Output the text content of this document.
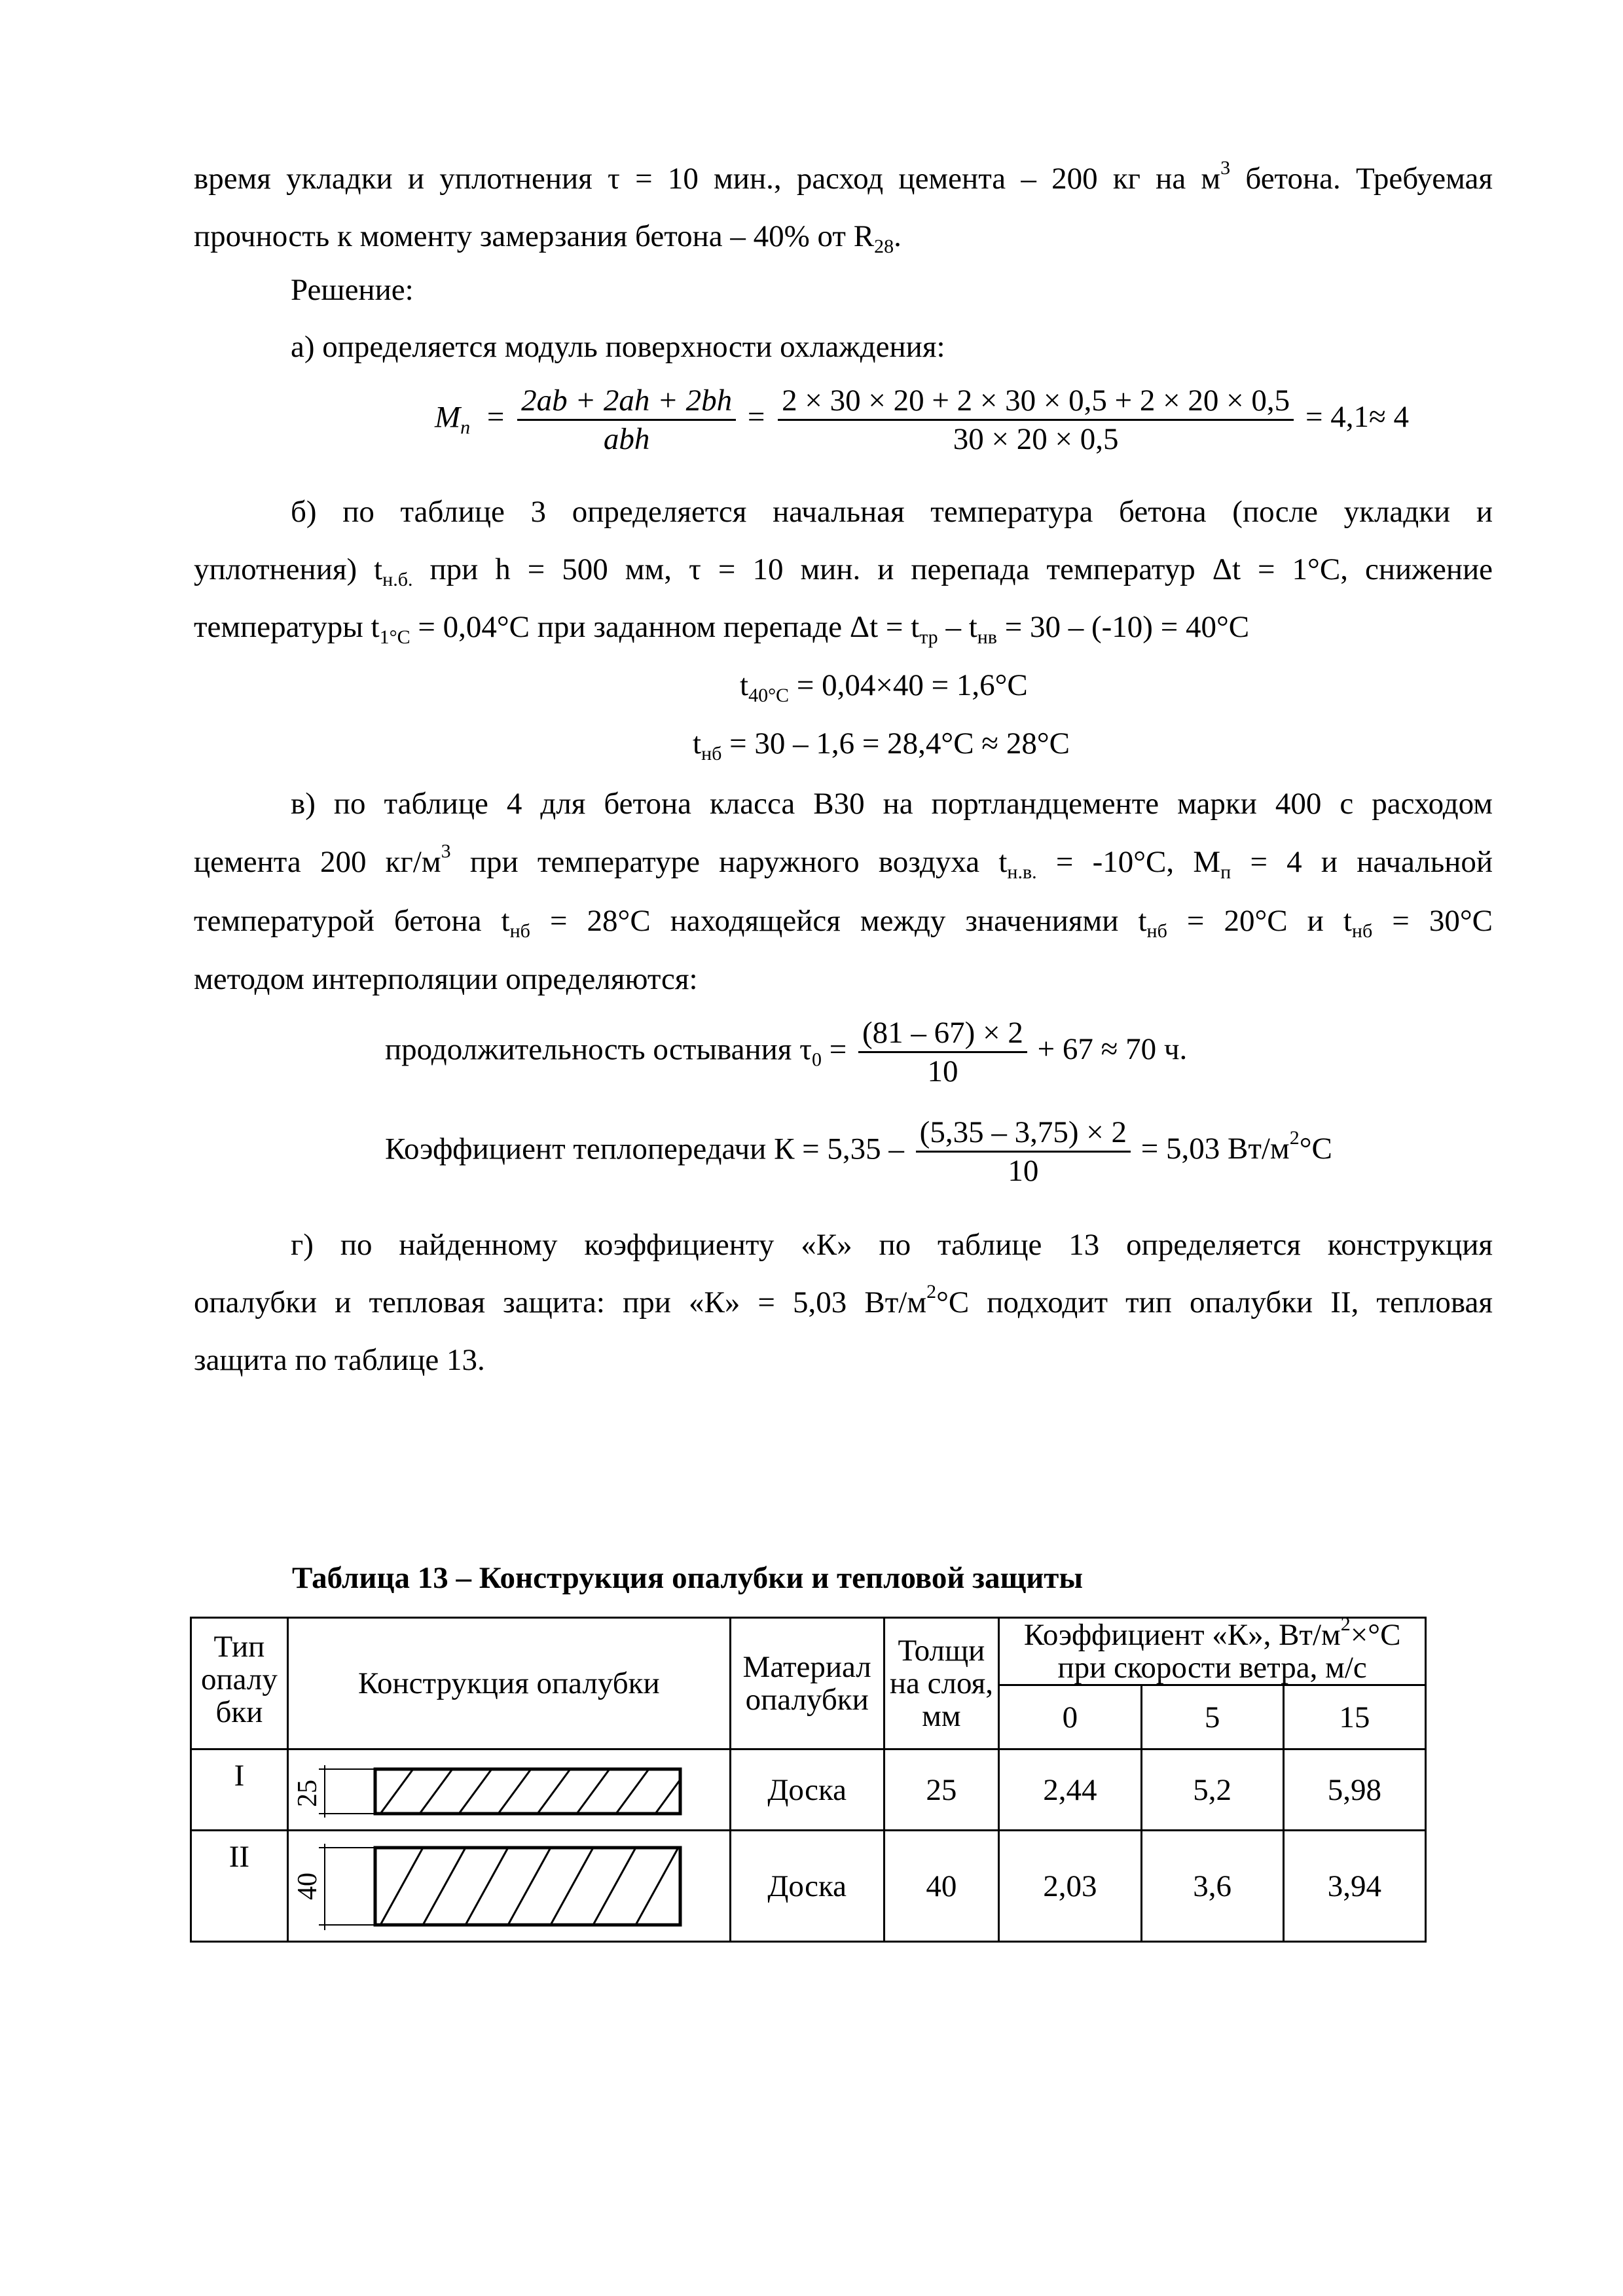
время укладки и уплотнения τ = 10 мин., расход цемента – 200 кг на $м^3$ бетона. Требуемая
прочность к моменту замерзания бетона – 40% от $R_{28}$.
Решение:
а) определяется модуль поверхности охлаждения:
$M_п = \frac{2ab + 2ah + 2bh}{\text{abh}} = \frac{2 \times 30 \times 20 + 2 \times 30 \times 0,5 + 2 \times 20 \times 0,5}{30 \times 20 \times 0,5} = 4,1\approx 4$
б) по таблице 3 определяется начальная температура бетона (после укладки и
уплотнения) $t_{н.б.}$ при h = 500 мм, τ = 10 мин. и перепада температур Δt = 1°С, снижение
температуры $t_{1^\circ С} = 0,04^\circ С$ при заданном перепаде $\Delta t = t_{тр} - t_{нв} = 30 - (-10) = 40^\circ С$
$t_{40^\circ С} = 0,04\times 40 = 1,6^\circ С$
$t_{нб} = 30 - 1,6 = 28,4^\circ С \approx 28^\circ С$
в) по таблице 4 для бетона класса В30 на портландцементе марки 400 с расходом
цемента 200 $кг/м^3$ при температуре наружного воздуха $t_{н.в.} = -10^\circ С$, $М_п = 4$ и начальной
температурой бетона $t_{нб} = 28^\circ С$ находящейся между значениями $t_{нб} = 20^\circ С$ и $t_{нб} = 30^\circ С$
методом интерполяции определяются:
продолжительность остывания $\tau_0 = \frac{(81 - 67) \times 2}{10} + 67 \approx 70$ ч.
Коэффициент теплопередачи $К = 5,35 - \frac{(5,35 - 3,75) \times 2}{10} = 5,03$ $Вт/м^2^\circ С$
г) по найденному коэффициенту «К» по таблице 13 определяется конструкция
опалубки и тепловая защита: при «К» = 5,03 $Вт/м^2^\circ С$ подходит тип опалубки II, тепловая
защита по таблице 13.
Таблица 13 – Конструкция опалубки и тепловой защиты
Тип опалу бки	Конструкция опалубки	Материал опалубки	Толщи на слоя, мм	Коэффициент «К», $Вт/м^2\times^\circ С$ при скорости ветра, м/с		
				0	5	15
I	25	Доска	25	2,44	5,2	5,98
II	40	Доска	40	2,03	3,6	3,94
